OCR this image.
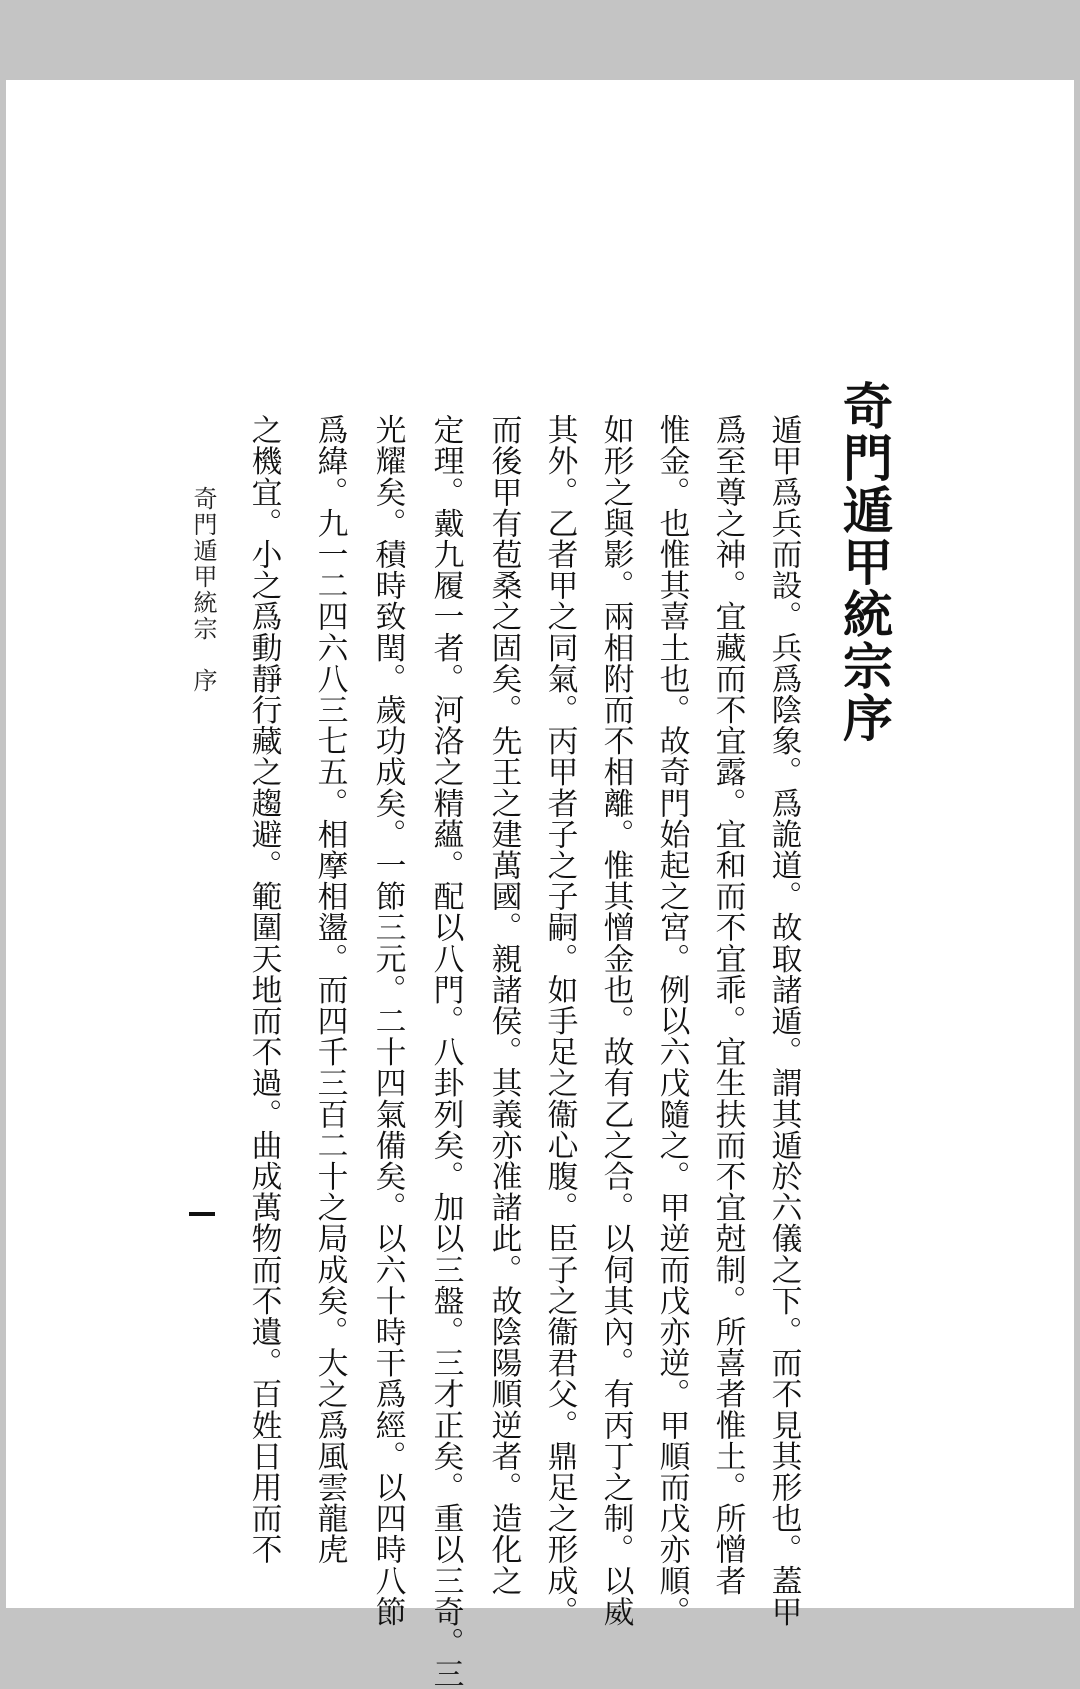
奇門遁甲統宗序
遁甲爲兵而設。兵爲陰象。爲詭道。故取諸遁。謂其遁於六儀之下。而不見其形也。蓋甲
爲至尊之神。宜藏而不宜露。宜和而不宜乖。宜生扶而不宜尅制。所喜者惟土。所憎者
惟金。也惟其喜土也。故奇門始起之宮。例以六戊隨之。甲逆而戊亦逆。甲順而戊亦順。
如形之與影。兩相附而不相離。惟其憎金也。故有乙之合。以伺其內。有丙丁之制。以威
其外。乙者甲之同氣。丙甲者子之子嗣。如手足之衞心腹。臣子之衞君父。鼎足之形成。
而後甲有苞桑之固矣。先王之建萬國。親諸侯。其義亦准諸此。故陰陽順逆者。造化之
定理。戴九履一者。河洛之精蘊。配以八門。八卦列矣。加以三盤。三才正矣。重以三奇。三
光耀矣。積時致閏。歲功成矣。一節三元。二十四氣備矣。以六十時干爲經。以四時八節
爲緯。九一二四六八三七五。相摩相盪。而四千三百二十之局成矣。大之爲風雲龍虎
之機宜。小之爲動靜行藏之趨避。範圍天地而不過。曲成萬物而不遺。百姓日用而不
奇門遁甲統宗　序
